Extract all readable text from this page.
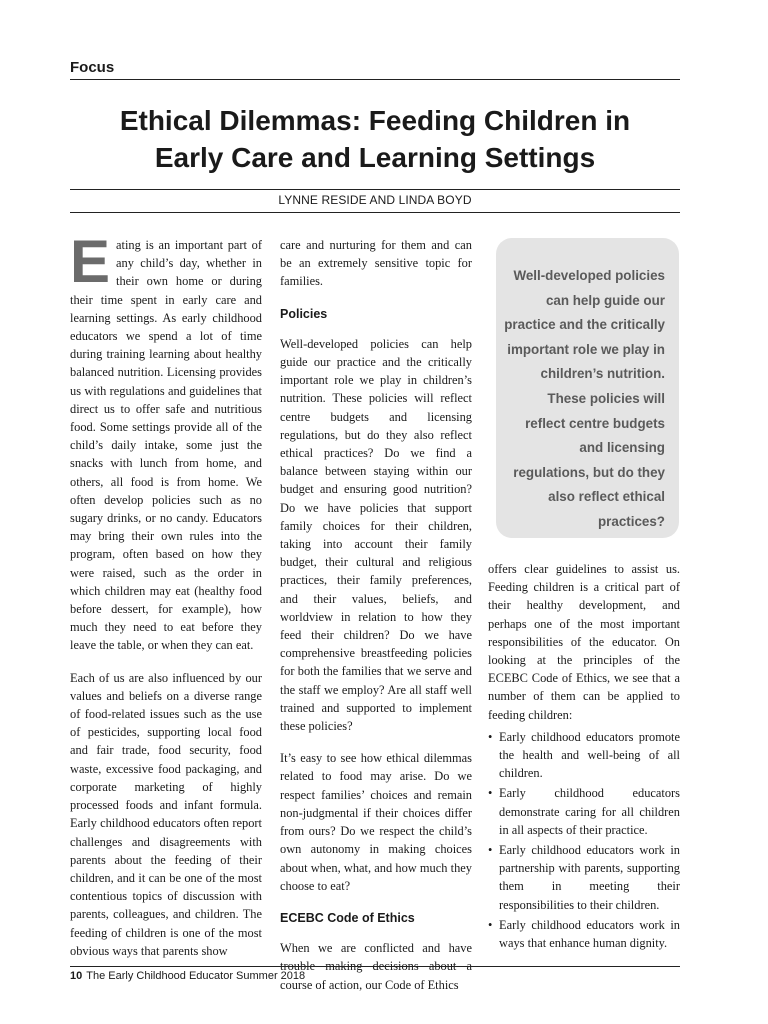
Focus
Ethical Dilemmas: Feeding Children in
Early Care and Learning Settings
LYNNE RESIDE AND LINDA BOYD

Eating is an important part of any child’s day, whether in their own home or during their time spent in early care and learning settings. As early childhood educators we spend a lot of time during training learning about healthy balanced nutrition. Licensing provides us with regulations and guidelines that direct us to offer safe and nutritious food. Some settings provide all of the child’s daily intake, some just the snacks with lunch from home, and others, all food is from home. We often develop policies such as no sugary drinks, or no candy. Educators may bring their own rules into the program, often based on how they were raised, such as the order in which children may eat (healthy food before dessert, for example), how much they need to eat before they leave the table, or when they can eat.

Each of us are also influenced by our values and beliefs on a diverse range of food-related issues such as the use of pesticides, supporting local food and fair trade, food security, food waste, excessive food packaging, and corporate marketing of highly processed foods and infant formula. Early childhood educators often report challenges and disagreements with parents about the feeding of their children, and it can be one of the most contentious topics of discussion with parents, colleagues, and children. The feeding of children is one of the most obvious ways that parents show

care and nurturing for them and can be an extremely sensitive topic for families.

Policies

Well-developed policies can help guide our practice and the critically important role we play in children’s nutrition. These policies will reflect centre budgets and licensing regulations, but do they also reflect ethical practices? Do we find a balance between staying within our budget and ensuring good nutrition? Do we have policies that support family choices for their children, taking into account their family budget, their cultural and religious practices, their family preferences, and their values, beliefs, and worldview in relation to how they feed their children? Do we have comprehensive breastfeeding policies for both the families that we serve and the staff we employ? Are all staff well trained and supported to implement these policies?

It’s easy to see how ethical dilemmas related to food may arise. Do we respect families’ choices and remain non-judgmental if their choices differ from ours? Do we respect the child’s own autonomy in making choices about when, what, and how much they choose to eat?

ECEBC Code of Ethics

When we are conflicted and have trouble making decisions about a course of action, our Code of Ethics

Well-developed policies can help guide our practice and the critically important role we play in children’s nutrition. These policies will reflect centre budgets and licensing regulations, but do they also reflect ethical practices?

offers clear guidelines to assist us. Feeding children is a critical part of their healthy development, and perhaps one of the most important responsibilities of the educator. On looking at the principles of the ECEBC Code of Ethics, we see that a number of them can be applied to feeding children:

• Early childhood educators promote the health and well-being of all children.
• Early childhood educators demonstrate caring for all children in all aspects of their practice.
• Early childhood educators work in partnership with parents, supporting them in meeting their responsibilities to their children.
• Early childhood educators work in ways that enhance human dignity.
10 The Early Childhood Educator Summer 2018
